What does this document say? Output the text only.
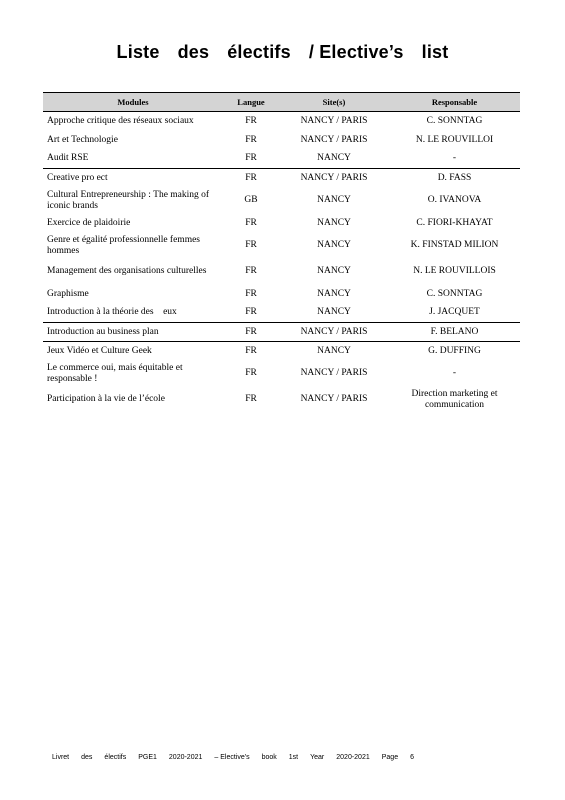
Liste des électifs / Elective’s list
Modules	Langue	Site(s)	Responsable
Approche critique des réseaux sociaux	FR	NANCY / PARIS	C. SONNTAG
Art et Technologie	FR	NANCY / PARIS	N. LE ROUVILLOI
Audit RSE	FR	NANCY	-
Creative pro ect	FR	NANCY / PARIS	D. FASS
Cultural Entrepreneurship : The making of iconic brands	GB	NANCY	O. IVANOVA
Exercice de plaidoirie	FR	NANCY	C. FIORI-KHAYAT
Genre et égalité professionnelle femmes hommes	FR	NANCY	K. FINSTAD MILION
Management des organisations culturelles	FR	NANCY	N. LE ROUVILLOIS
Graphisme	FR	NANCY	C. SONNTAG
Introduction à la théorie des    eux	FR	NANCY	J. JACQUET
Introduction au business plan	FR	NANCY / PARIS	F. BELANO
Jeux Vidéo et Culture Geek	FR	NANCY	G. DUFFING
Le commerce oui, mais équitable et responsable !	FR	NANCY / PARIS	-
Participation à la vie de l’école	FR	NANCY / PARIS	Direction marketing et communication
Livret des électifs PGE1 2020-2021 – Elective's book 1st Year 2020-2021 Page 6
